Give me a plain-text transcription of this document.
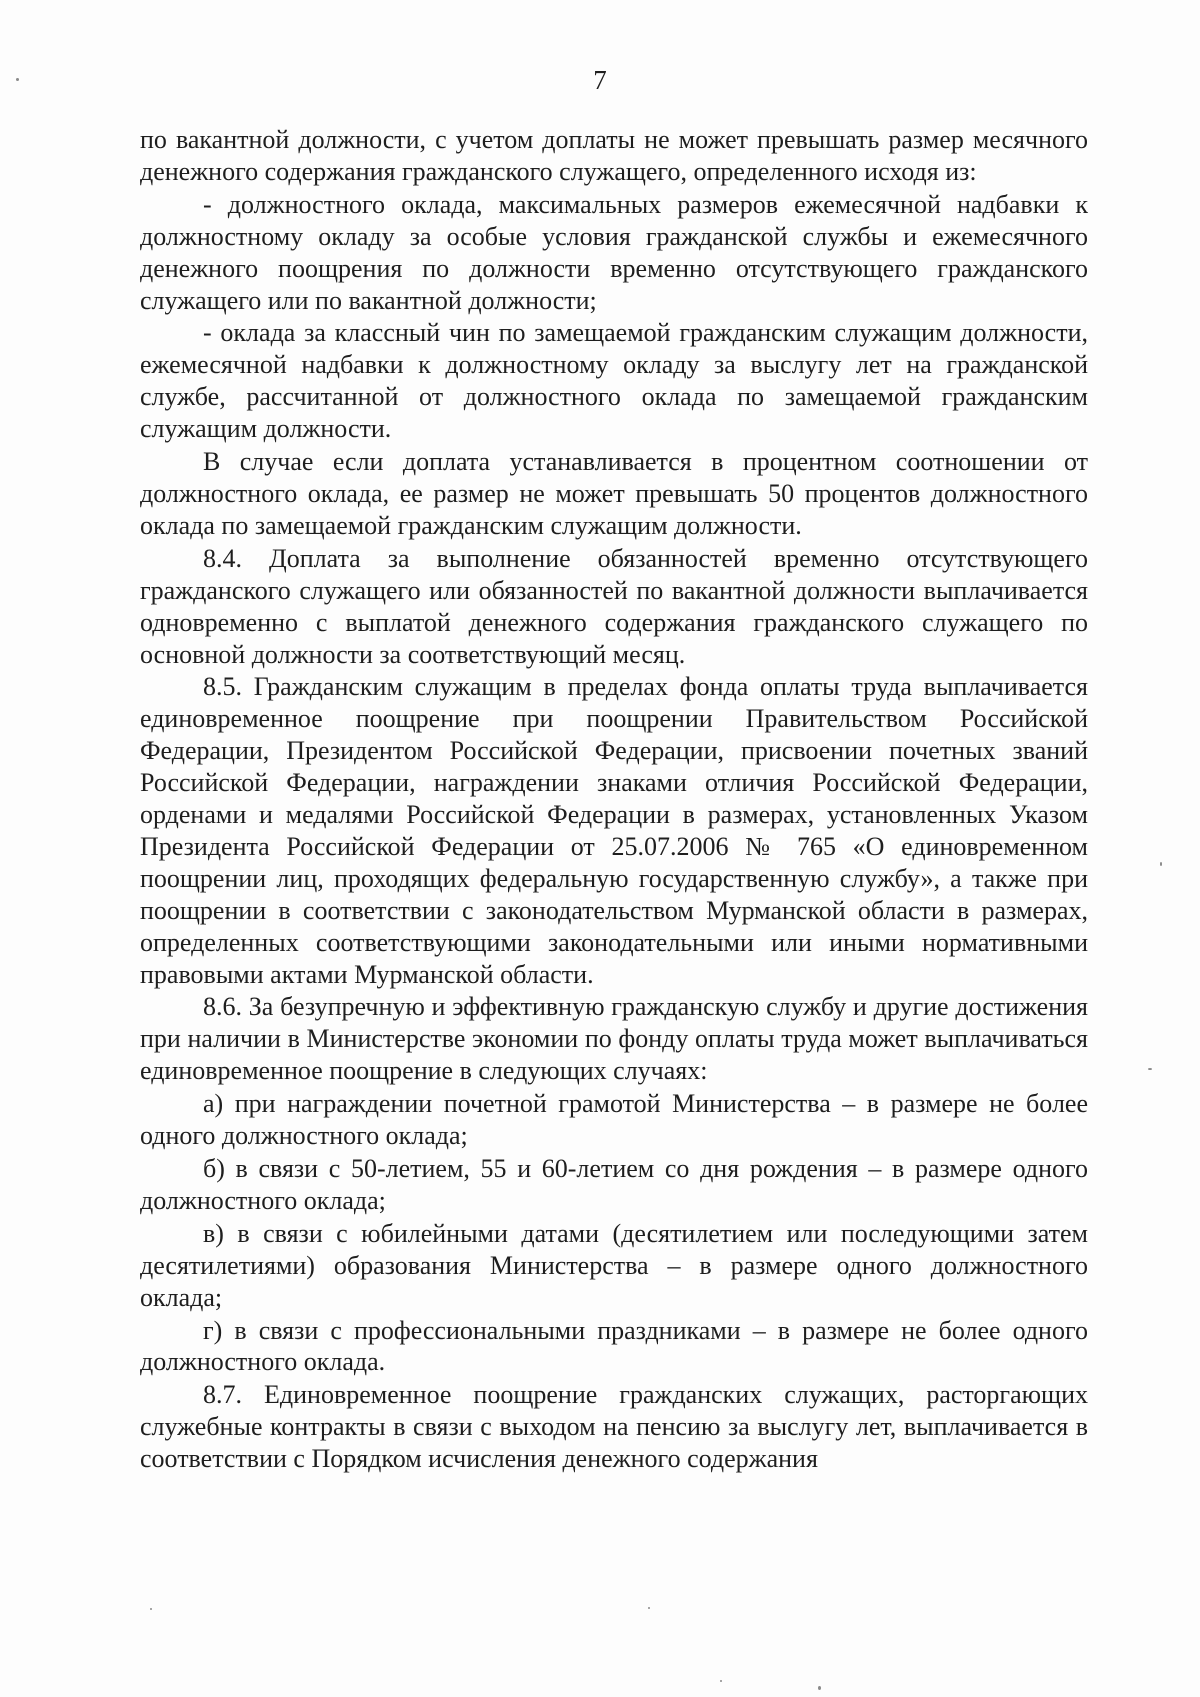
7

по вакантной должности, с учетом доплаты не может превышать размер месячного денежного содержания гражданского служащего, определенного исходя из:

- должностного оклада, максимальных размеров ежемесячной надбавки к должностному окладу за особые условия гражданской службы и ежемесячного денежного поощрения по должности временно отсутствующего гражданского служащего или по вакантной должности;

- оклада за классный чин по замещаемой гражданским служащим должности, ежемесячной надбавки к должностному окладу за выслугу лет на гражданской службе, рассчитанной от должностного оклада по замещаемой гражданским служащим должности.

В случае если доплата устанавливается в процентном соотношении от должностного оклада, ее размер не может превышать 50 процентов должностного оклада по замещаемой гражданским служащим должности.

8.4. Доплата за выполнение обязанностей временно отсутствующего гражданского служащего или обязанностей по вакантной должности выплачивается одновременно с выплатой денежного содержания гражданского служащего по основной должности за соответствующий месяц.

8.5. Гражданским служащим в пределах фонда оплаты труда выплачивается единовременное поощрение при поощрении Правительством Российской Федерации, Президентом Российской Федерации, присвоении почетных званий Российской Федерации, награждении знаками отличия Российской Федерации, орденами и медалями Российской Федерации в размерах, установленных Указом Президента Российской Федерации от 25.07.2006 № 765 «О единовременном поощрении лиц, проходящих федеральную государственную службу», а также при поощрении в соответствии с законодательством Мурманской области в размерах, определенных соответствующими законодательными или иными нормативными правовыми актами Мурманской области.

8.6. За безупречную и эффективную гражданскую службу и другие достижения при наличии в Министерстве экономии по фонду оплаты труда может выплачиваться единовременное поощрение в следующих случаях:

а) при награждении почетной грамотой Министерства – в размере не более одного должностного оклада;

б) в связи с 50-летием, 55 и 60-летием со дня рождения – в размере одного должностного оклада;

в) в связи с юбилейными датами (десятилетием или последующими затем десятилетиями) образования Министерства – в размере одного должностного оклада;

г) в связи с профессиональными праздниками – в размере не более одного должностного оклада.

8.7. Единовременное поощрение гражданских служащих, расторгающих служебные контракты в связи с выходом на пенсию за выслугу лет, выплачивается в соответствии с Порядком исчисления денежного содержания
